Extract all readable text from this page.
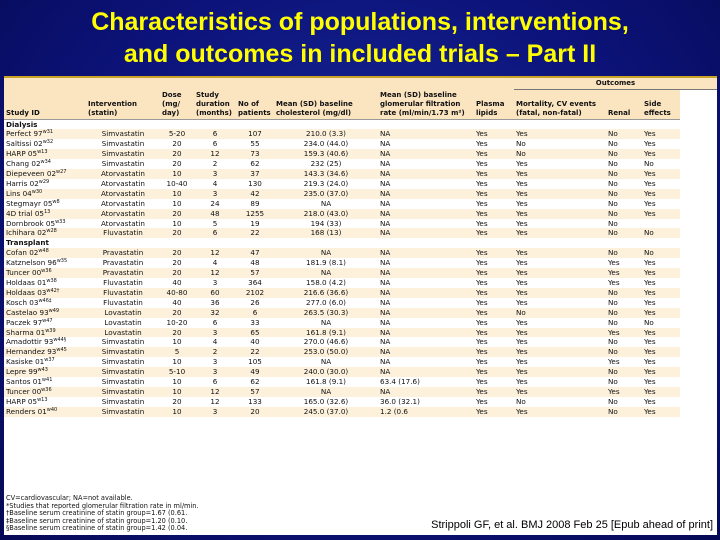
Characteristics of populations, interventions,
and outcomes in included trials – Part II
								Outcomes		
Study ID	Intervention (statin)	Dose (mg/ day)	Study duration (months)	No of patients	Mean (SD) baseline cholesterol (mg/dl)	Mean (SD) baseline glomerular filtration rate (ml/min/1.73 m²)	Plasma lipids	Mortality, CV events (fatal, non-fatal)	Renal	Side effects
Dialysis										
Perfect $97^{w31}$	Simvastatin	5-20	6	107	210.0 (3.3)	NA	Yes	Yes	No	Yes
Saltissi $02^{w32}$	Simvastatin	20	6	55	234.0 (44.0)	NA	Yes	No	No	Yes
HARP $05^{w13}$	Simvastatin	20	12	73	159.3 (40.6)	NA	Yes	No	No	Yes
Chang $02^{w34}$	Simvastatin	20	2	62	232 (25)	NA	Yes	Yes	No	No
Diepeveen $02^{w27}$	Atorvastatin	10	3	37	143.3 (34.6)	NA	Yes	Yes	No	Yes
Harris $02^{w29}$	Atorvastatin	10-40	4	130	219.3 (24.0)	NA	Yes	Yes	No	Yes
Lins $04^{w30}$	Atorvastatin	10	3	42	235.0 (37.0)	NA	Yes	Yes	No	Yes
Stegmayr $05^{w8}$	Atorvastatin	10	24	89	NA	NA	Yes	Yes	No	Yes
4D trial $05^{13}$	Atorvastatin	20	48	1255	218.0 (43.0)	NA	Yes	Yes	No	Yes
Dornbrook $05^{w33}$	Atorvastatin	10	5	19	194 (33)	NA	Yes	Yes	No	
Ichihara $02^{w28}$	Fluvastatin	20	6	22	168 (13)	NA	Yes	Yes	No	No
Transplant										
Cofan $02^{w48}$	Pravastatin	20	12	47	NA	NA	Yes	Yes	No	No
Katznelson $96^{w35}$	Pravastatin	20	4	48	181.9 (8.1)	NA	Yes	Yes	Yes	Yes
Tuncer $00^{w36}$	Pravastatin	20	12	57	NA	NA	Yes	Yes	Yes	Yes
Holdaas $01^{w38}$	Fluvastatin	40	3	364	158.0 (4.2)	NA	Yes	Yes	Yes	Yes
Holdaas $03^{w42\dagger}$	Fluvastatin	40-80	60	2102	216.6 (36.6)	NA	Yes	Yes	No	Yes
Kosch $03^{w46\ddagger}$	Fluvastatin	40	36	26	277.0 (6.0)	NA	Yes	Yes	No	Yes
Castelao $93^{w49}$	Lovastatin	20	32	6	263.5 (30.3)	NA	Yes	No	No	Yes
Paczek $97^{w47}$	Lovastatin	10-20	6	33	NA	NA	Yes	Yes	No	No
Sharma $01^{w39}$	Lovastatin	20	3	65	161.8 (9.1)	NA	Yes	Yes	Yes	Yes
Amadottir $93^{w44\S}$	Simvastatin	10	4	40	270.0 (46.6)	NA	Yes	Yes	No	Yes
Hernandez $93^{w45}$	Simvastatin	5	2	22	253.0 (50.0)	NA	Yes	Yes	No	Yes
Kasiske $01^{w37}$	Simvastatin	10	3	105	NA	NA	Yes	Yes	Yes	Yes
Lepre $99^{w43}$	Simvastatin	5-10	3	49	240.0 (30.0)	NA	Yes	Yes	No	Yes
Santos $01^{w41}$	Simvastatin	10	6	62	161.8 (9.1)	63.4 (17.6)	Yes	Yes	No	Yes
Tuncer $00^{w36}$	Simvastatin	10	12	57	NA	NA	Yes	Yes	Yes	Yes
HARP $05^{w13}$	Simvastatin	20	12	133	165.0 (32.6)	36.0 (32.1)	Yes	No	No	Yes
Renders $01^{w40}$	Simvastatin	10	3	20	245.0 (37.0)	1.2 (0.6	Yes	Yes	No	Yes
CV=cardiovascular; NA=not available.
*Studies that reported glomerular filtration rate in ml/min.
†Baseline serum creatinine of statin group=1.67 (0.61.
‡Baseline serum creatinine of statin group=1.20 (0.10.
§Baseline serum creatinine of statin group=1.42 (0.04.	Strippoli GF, et al. BMJ 2008 Feb 25 [Epub ahead of print]
